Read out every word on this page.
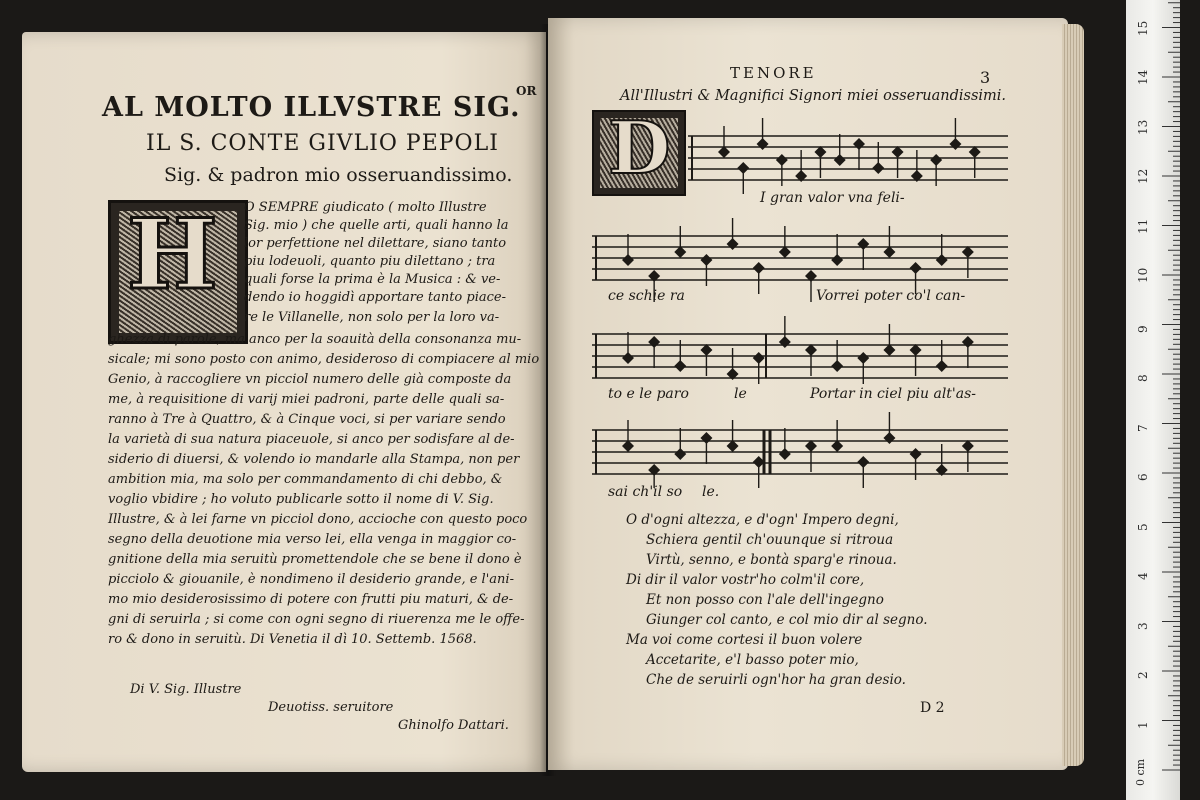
AL MOLTO ILLVSTRE SIG.
OR
IL S. CONTE GIVLIO PEPOLI
Sig. & padron mio osseruandissimo.
H O SEMPRE giudicato ( molto Illustre
Sig. mio ) che quelle arti, quali hanno la
lor perfettione nel dilettare, siano tanto
piu lodeuoli, quanto piu dilettano ; tra
quali forse la prima è la Musica : & ve-
dendo io hoggidì apportare tanto piace-
re le Villanelle, non solo per la loro va-
ghezza di parole, ma anco per la soauità della consonanza mu-
sicale; mi sono posto con animo, desideroso di compiacere al mio
Genio, à raccogliere vn picciol numero delle già composte da
me, à requisitione di varij miei padroni, parte delle quali sa-
ranno à Tre à Quattro, & à Cinque voci, si per variare sendo
la varietà di sua natura piaceuole, si anco per sodisfare al de-
siderio di diuersi, & volendo io mandarle alla Stampa, non per
ambition mia, ma solo per commandamento di chi debbo, &
voglio vbidire ; ho voluto publicarle sotto il nome di V. Sig.
Illustre, & à lei farne vn picciol dono, accioche con questo poco
segno della deuotione mia verso lei, ella venga in maggior co-
gnitione della mia seruitù promettendole che se bene il dono è
picciolo & giouanile, è nondimeno il desiderio grande, e l'ani-
mo mio desiderosissimo di potere con frutti piu maturi, & de-
gni di seruirla ; si come con ogni segno di riuerenza me le offe-
ro & dono in seruitù. Di Venetia il dì 10. Settemb. 1568.
Di V. Sig. Illustre
Deuotiss. seruitore
Ghinolfo Dattari.
TENORE	3
All'Illustri & Magnifici Signori miei osseruandissimi.
D
I gran valor vna feli-
ce schie ra	Vorrei poter co'l can-
to e le paro	le	Portar in ciel piu alt'as-
sai ch'il so le.
O d'ogni altezza, e d'ogn' Impero degni,
Schiera gentil ch'ouunque si ritroua
Virtù, senno, e bontà sparg'e rinoua.
Di dir il valor vostr'ho colm'il core,
Et non posso con l'ale dell'ingegno
Giunger col canto, e col mio dir al segno.
Ma voi come cortesi il buon volere
Accetarite, e'l basso poter mio,
Che de seruirli ogn'hor ha gran desio.
D 2
0 cm
1
2
3
4
5
6
7
8
9
10
11
12
13
14
15
